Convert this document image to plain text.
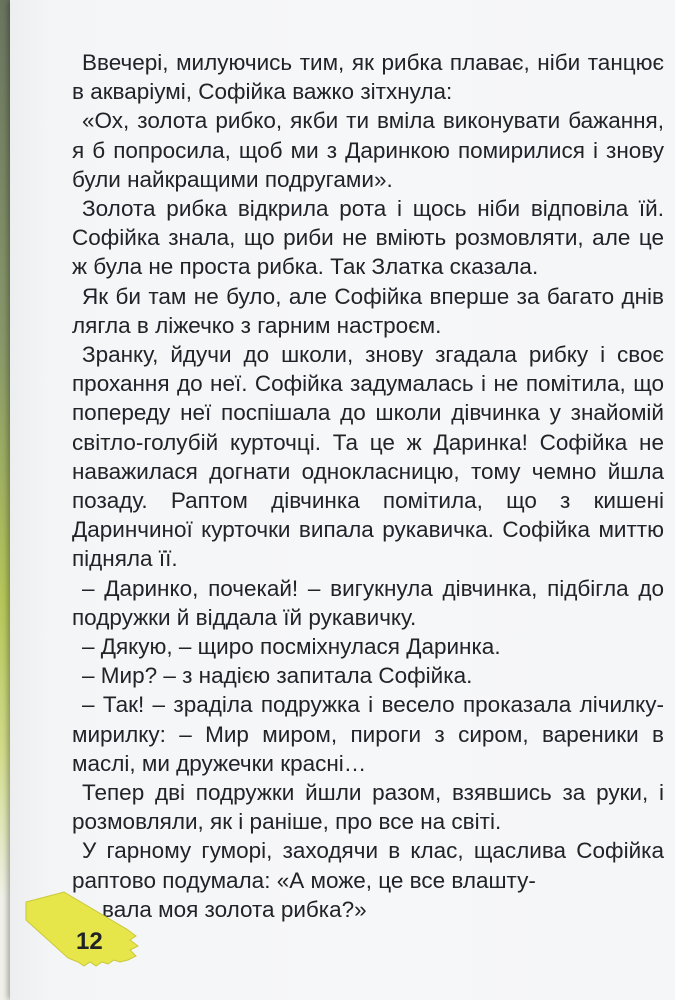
Ввечері, милуючись тим, як рибка плаває, ніби танцює в акваріумі, Софійка важко зітхнула:

«Ох, золота рибко, якби ти вміла виконувати бажання, я б попросила, щоб ми з Даринкою помирилися і знову були найкращими подругами».

Золота рибка відкрила рота і щось ніби відповіла їй. Софійка знала, що риби не вміють розмовляти, але це ж була не проста рибка. Так Златка сказала.

Як би там не було, але Софійка вперше за багато днів лягла в ліжечко з гарним настроєм.

Зранку, йдучи до школи, знову згадала рибку і своє прохання до неї. Софійка задумалась і не помітила, що попереду неї поспішала до школи дівчинка у знайомій світло-голубій курточці. Та це ж Даринка! Софійка не наважилася догнати однокласницю, тому чемно йшла позаду. Раптом дівчинка помітила, що з кишені Даринчиної курточки випала рукавичка. Софійка миттю підняла її.

– Даринко, почекай! – вигукнула дівчинка, підбігла до подружки й віддала їй рукавичку.

– Дякую, – щиро посміхнулася Даринка.

– Мир? – з надією запитала Софійка.

– Так! – зраділа подружка і весело проказала лічилку-мирилку: – Мир миром, пироги з сиром, вареники в маслі, ми дружечки красні…

Тепер дві подружки йшли разом, взявшись за руки, і розмовляли, як і раніше, про все на світі.

У гарному гуморі, заходячи в клас, щаслива Софійка раптово подумала: «А може, це все влашту-
вала моя золота рибка?»

12
